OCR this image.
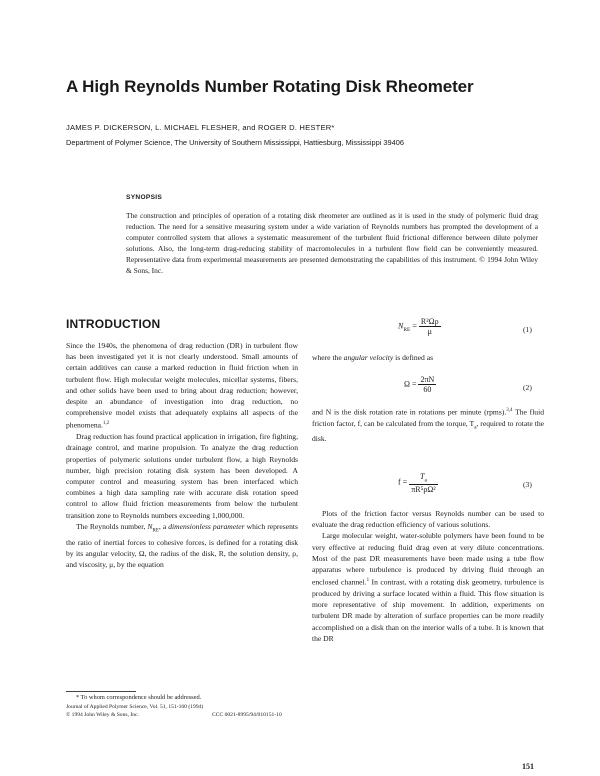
A High Reynolds Number Rotating Disk Rheometer
JAMES P. DICKERSON, L. MICHAEL FLESHER, and ROGER D. HESTER*
Department of Polymer Science, The University of Southern Mississippi, Hattiesburg, Mississippi 39406
SYNOPSIS
The construction and principles of operation of a rotating disk rheometer are outlined as it is used in the study of polymeric fluid drag reduction. The need for a sensitive measuring system under a wide variation of Reynolds numbers has prompted the development of a computer controlled system that allows a systematic measurement of the turbulent fluid frictional difference between dilute polymer solutions. Also, the long-term drag-reducing stability of macromolecules in a turbulent flow field can be conveniently measured. Representative data from experimental measurements are presented demonstrating the capabilities of this instrument. © 1994 John Wiley & Sons, Inc.
INTRODUCTION

Since the 1940s, the phenomena of drag reduction (DR) in turbulent flow has been investigated yet it is not clearly understood. Small amounts of certain additives can cause a marked reduction in fluid friction when in turbulent flow. High molecular weight molecules, micellar systems, fibers, and other solids have been used to bring about drag reduction; however, despite an abundance of investigation into drag reduction, no comprehensive model exists that adequately explains all aspects of the phenomena.$^{1,2}$

Drag reduction has found practical application in irrigation, fire fighting, drainage control, and marine propulsion. To analyze the drag reduction properties of polymeric solutions under turbulent flow, a high Reynolds number, high precision rotating disk system has been developed. A computer control and measuring system has been interfaced which combines a high data sampling rate with accurate disk rotation speed control to allow fluid friction measurements from below the turbulent transition zone to Reynolds numbers exceeding 1,000,000.

The Reynolds number, $N_{RE}$, a dimensionless parameter which represents the ratio of inertial forces to cohesive forces, is defined for a rotating disk by its angular velocity, Ω, the radius of the disk, R, the solution density, ρ, and viscosity, μ, by the equation

$N_{RE} = \frac{\text{R²Ωρ}}{\mu}$	(1)
where the angular velocity is defined as
$\Omega = \frac{2\pi N}{60}$	(2)

and N is the disk rotation rate in rotations per minute (rpms).$^{3,4}$ The fluid friction factor, f, can be calculated from the torque, $T_a$, required to rotate the disk.

$f = \frac{T_a}{\text{πR⁵ρΩ²}}$	(3)

Plots of the friction factor versus Reynolds number can be used to evaluate the drag reduction efficiency of various solutions.

Large molecular weight, water-soluble polymers have been found to be very effective at reducing fluid drag even at very dilute concentrations. Most of the past DR measurements have been made using a tube flow apparatus where turbulence is produced by driving fluid through an enclosed channel.$^1$ In contrast, with a rotating disk geometry, turbulence is produced by driving a surface located within a fluid. This flow situation is more representative of ship movement. In addition, experiments on turbulent DR made by alteration of surface properties can be more readily accomplished on a disk than on the interior walls of a tube. It is known that the DR

* To whom correspondence should be addressed.
Journal of Applied Polymer Science, Vol. 51, 151-160 (1994)
© 1994 John Wiley & Sons, Inc.	CCC 0021-8995/94/010151-10
151
